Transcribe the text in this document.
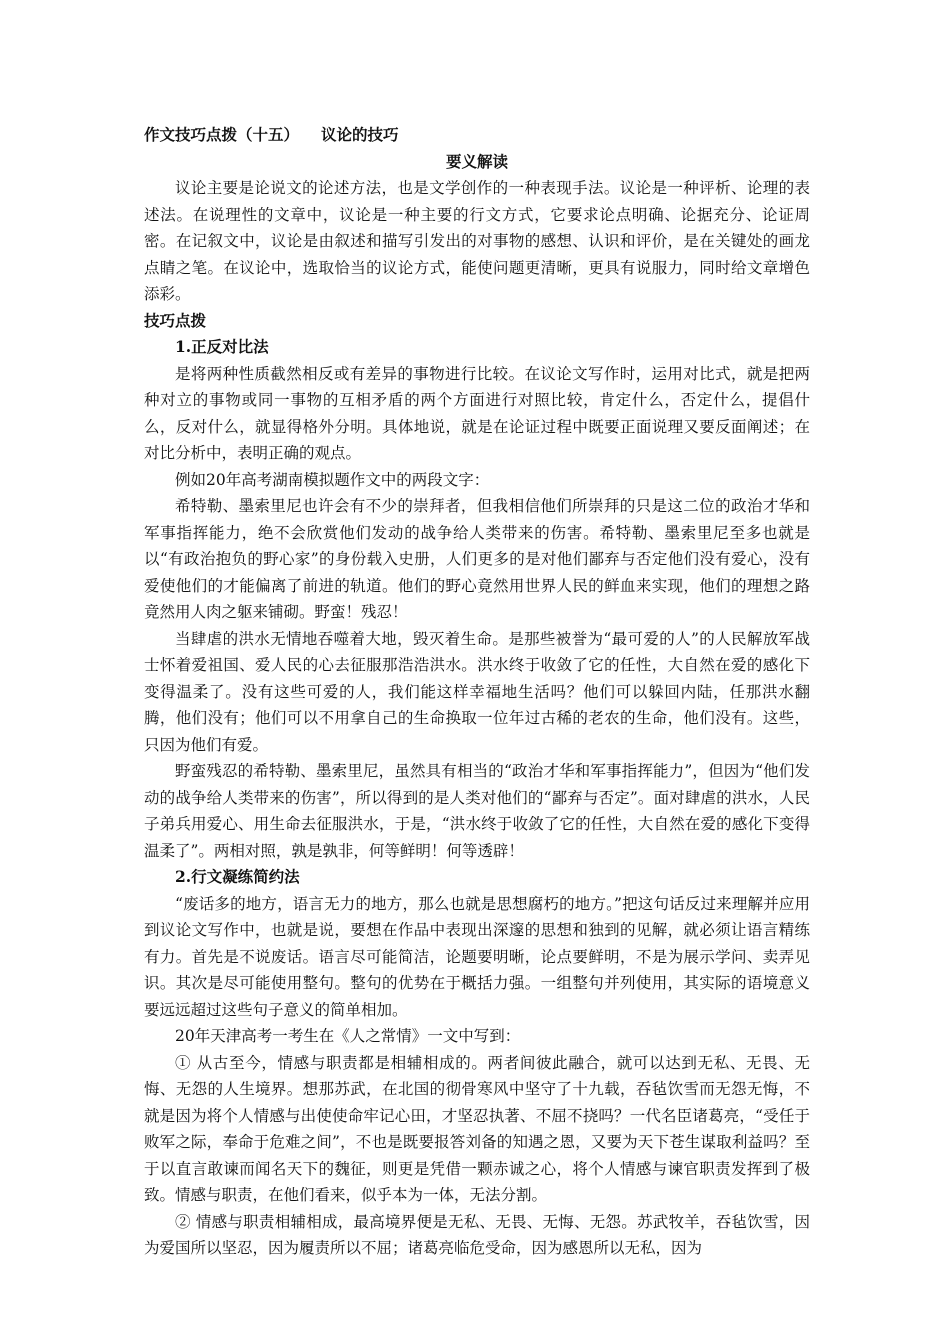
作文技巧点拨（十五） 议论的技巧

要义解读

议论主要是论说文的论述方法，也是文学创作的一种表现手法。议论是一种评析、论理的表述法。在说理性的文章中，议论是一种主要的行文方式，它要求论点明确、论据充分、论证周密。在记叙文中，议论是由叙述和描写引发出的对事物的感想、认识和评价，是在关键处的画龙点睛之笔。在议论中，选取恰当的议论方式，能使问题更清晰，更具有说服力，同时给文章增色添彩。

技巧点拨

1.正反对比法

是将两种性质截然相反或有差异的事物进行比较。在议论文写作时，运用对比式，就是把两种对立的事物或同一事物的互相矛盾的两个方面进行对照比较，肯定什么，否定什么，提倡什么，反对什么，就显得格外分明。具体地说，就是在论证过程中既要正面说理又要反面阐述；在对比分析中，表明正确的观点。

例如20年高考湖南模拟题作文中的两段文字：

希特勒、墨索里尼也许会有不少的崇拜者，但我相信他们所崇拜的只是这二位的政治才华和军事指挥能力，绝不会欣赏他们发动的战争给人类带来的伤害。希特勒、墨索里尼至多也就是以“有政治抱负的野心家”的身份载入史册，人们更多的是对他们鄙弃与否定他们没有爱心，没有爱使他们的才能偏离了前进的轨道。他们的野心竟然用世界人民的鲜血来实现，他们的理想之路竟然用人肉之躯来铺砌。野蛮！残忍！

当肆虐的洪水无情地吞噬着大地，毁灭着生命。是那些被誉为“最可爱的人”的人民解放军战士怀着爱祖国、爱人民的心去征服那浩浩洪水。洪水终于收敛了它的任性，大自然在爱的感化下变得温柔了。没有这些可爱的人，我们能这样幸福地生活吗？他们可以躲回内陆，任那洪水翻腾，他们没有；他们可以不用拿自己的生命换取一位年过古稀的老农的生命，他们没有。这些，只因为他们有爱。

野蛮残忍的希特勒、墨索里尼，虽然具有相当的“政治才华和军事指挥能力”，但因为“他们发动的战争给人类带来的伤害”，所以得到的是人类对他们的“鄙弃与否定”。面对肆虐的洪水，人民子弟兵用爱心、用生命去征服洪水，于是，“洪水终于收敛了它的任性，大自然在爱的感化下变得温柔了”。两相对照，孰是孰非，何等鲜明！何等透辟！

2.行文凝练简约法

“废话多的地方，语言无力的地方，那么也就是思想腐朽的地方。”把这句话反过来理解并应用到议论文写作中，也就是说，要想在作品中表现出深邃的思想和独到的见解，就必须让语言精练有力。首先是不说废话。语言尽可能简洁，论题要明晰，论点要鲜明，不是为展示学问、卖弄见识。其次是尽可能使用整句。整句的优势在于概括力强。一组整句并列使用，其实际的语境意义要远远超过这些句子意义的简单相加。

20年天津高考一考生在《人之常情》一文中写到：

① 从古至今，情感与职责都是相辅相成的。两者间彼此融合，就可以达到无私、无畏、无悔、无怨的人生境界。想那苏武，在北国的彻骨寒风中坚守了十九载，吞毡饮雪而无怨无悔，不就是因为将个人情感与出使使命牢记心田，才坚忍执著、不屈不挠吗？一代名臣诸葛亮，“受任于败军之际，奉命于危难之间”，不也是既要报答刘备的知遇之恩，又要为天下苍生谋取利益吗？至于以直言敢谏而闻名天下的魏征，则更是凭借一颗赤诚之心，将个人情感与谏官职责发挥到了极致。情感与职责，在他们看来，似乎本为一体，无法分割。

② 情感与职责相辅相成，最高境界便是无私、无畏、无悔、无怨。苏武牧羊，吞毡饮雪，因为爱国所以坚忍，因为履责所以不屈；诸葛亮临危受命，因为感恩所以无私，因为
